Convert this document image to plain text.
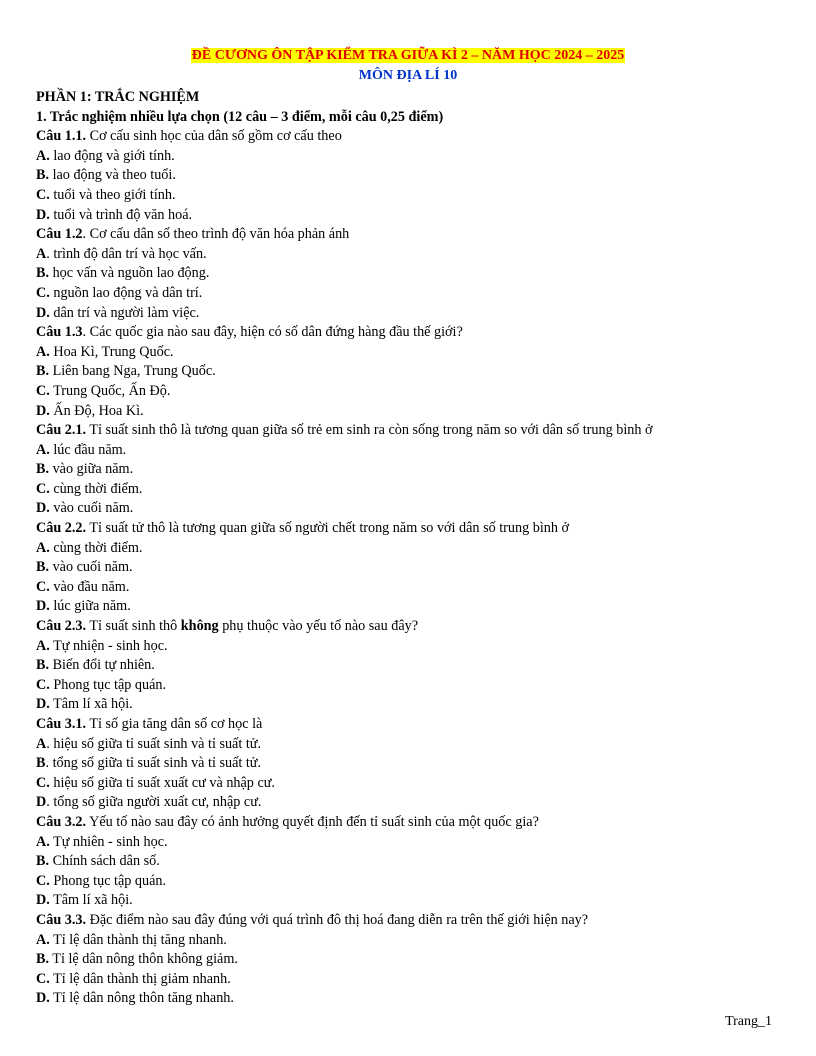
ĐỀ CƯƠNG ÔN TẬP KIỂM TRA GIỮA KÌ 2 – NĂM HỌC 2024 – 2025
MÔN ĐỊA LÍ 10
PHẦN 1: TRẮC NGHIỆM
1. Trắc nghiệm nhiều lựa chọn (12 câu – 3 điểm, mỗi câu 0,25 điểm)
Câu 1.1. Cơ cấu sinh học của dân số gồm cơ cấu theo
A. lao động và giới tính.
B. lao động và theo tuổi.
C. tuổi và theo giới tính.
D. tuổi và trình độ văn hoá.
Câu 1.2. Cơ cấu dân số theo trình độ văn hóa phản ánh
A. trình độ dân trí và học vấn.
B. học vấn và nguồn lao động.
C. nguồn lao động và dân trí.
D. dân trí và người làm việc.
Câu 1.3. Các quốc gia nào sau đây, hiện có số dân đứng hàng đầu thế giới?
A. Hoa Kì, Trung Quốc.
B. Liên bang Nga, Trung Quốc.
C. Trung Quốc, Ấn Độ.
D. Ấn Độ, Hoa Kì.
Câu 2.1. Tỉ suất sinh thô là tương quan giữa số trẻ em sinh ra còn sống trong năm so với dân số trung bình ở
A. lúc đầu năm.
B. vào giữa năm.
C. cùng thời điểm.
D. vào cuối năm.
Câu 2.2. Tỉ suất tử thô là tương quan giữa số người chết trong năm so với dân số trung bình ở
A. cùng thời điểm.
B. vào cuối năm.
C. vào đầu năm.
D. lúc giữa năm.
Câu 2.3. Tỉ suất sinh thô không phụ thuộc vào yếu tố nào sau đây?
A. Tự nhiện - sinh học.
B. Biến đổi tự nhiên.
C. Phong tục tập quán.
D. Tâm lí xã hội.
Câu 3.1. Tỉ số gia tăng dân số cơ học là
A. hiệu số giữa tỉ suất sinh và tỉ suất tử.
B. tổng số giữa tỉ suất sinh và tỉ suất tử.
C. hiệu số giữa tỉ suất xuất cư và nhập cư.
D. tổng số giữa người xuất cư, nhập cư.
Câu 3.2. Yếu tố nào sau đây có ảnh hưởng quyết định đến tỉ suất sinh của một quốc gia?
A. Tự nhiên - sinh học.
B. Chính sách dân số.
C. Phong tục tập quán.
D. Tâm lí xã hội.
Câu 3.3. Đặc điểm nào sau đây đúng với quá trình đô thị hoá đang diễn ra trên thế giới hiện nay?
A. Tỉ lệ dân thành thị tăng nhanh.
B. Tỉ lệ dân nông thôn không giảm.
C. Tỉ lệ dân thành thị giảm nhanh.
D. Tỉ lệ dân nông thôn tăng nhanh.
Trang_1
